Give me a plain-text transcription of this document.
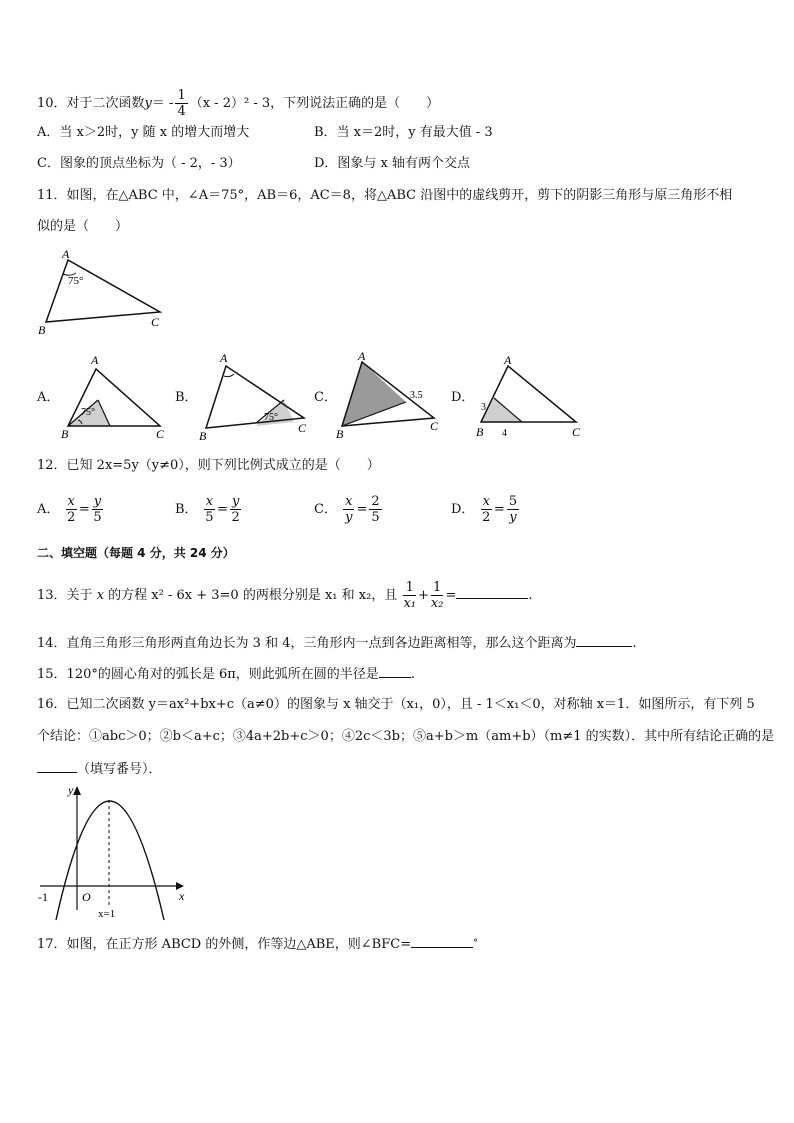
10．对于二次函数$y= - \frac{1}{4} (x - 2)^2 - 3$，下列说法正确的是（　　）
A．当 x＞2时，y 随 x 的增大而增大	B．当 x＝2时，y 有最大值 - 3
C．图象的顶点坐标为（ - 2，- 3）	D．图象与 x 轴有两个交点
11．如图，在△ABC 中，∠A＝75°，AB＝6，AC＝8，将△ABC 沿图中的虚线剪开，剪下的阴影三角形与原三角形不相
似的是（　　）
A
B
C
75°
A．
A
B	C
75°
B．
A
B
C
75°
C．
A
B
C
3.5 D．
A
B	C
3
4
12．已知 2x=5y（y≠0），则下列比例式成立的是（　　）
A． $\frac{x}{2} = \frac{y}{5}$	B． $\frac{x}{5} = \frac{y}{2}$	C． $\frac{x}{y} = \frac{2}{5}$	D． $\frac{x}{2} = \frac{5}{y}$
二、填空题（每题 4 分，共 24 分）
13．关于 x 的方程 x² - 6x + 3=0 的两根分别是 x₁ 和 x₂，且 $\frac{1}{\text{x₁}} + \frac{1}{\text{x₂}}$ =	.
14．直角三角形三角形两直角边长为 3 和 4，三角形内一点到各边距离相等，那么这个距离为	.
15．120°的圆心角对的弧长是 6π，则此弧所在圆的半径是 .
16．已知二次函数 y＝ax²+bx+c（a≠0）的图象与 x 轴交于（x₁，0），且 - 1＜x₁＜0，对称轴 x＝1．如图所示，有下列 5
个结论：①abc＞0；②b＜a+c；③4a+2b+c＞0；④2c＜3b；⑤a+b＞m（am+b）（m≠1 的实数）．其中所有结论正确的是
（填写番号）．
y
x
O
-1
x=1
17．如图，在正方形 ABCD 的外侧，作等边△ABE，则∠BFC=	°
